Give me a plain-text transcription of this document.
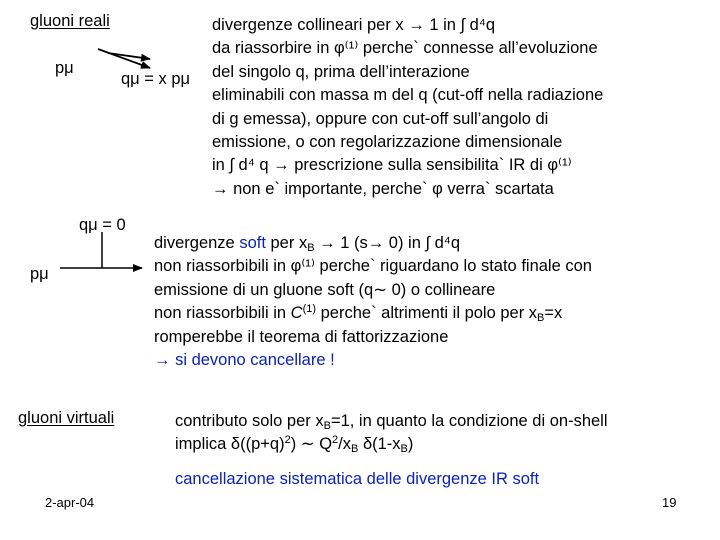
gluoni reali
pμ
qμ = x pμ
divergenze collineari per x → 1 in ∫ d⁴q
da riassorbire in φ⁽¹⁾ perche` connesse all’evoluzione
del singolo q, prima dell’interazione
eliminabili con massa m del q (cut-off nella radiazione
di g emessa), oppure con cut-off sull’angolo di
emissione, o con regolarizzazione dimensionale
in ∫ d⁴ q → prescrizione sulla sensibilita` IR di φ⁽¹⁾
→ non e` importante, perche` φ verra` scartata
qμ = 0
pμ
divergenze soft per $x_B \to 1$ (s→ 0) in ∫ d⁴q
non riassorbibili in φ⁽¹⁾ perche` riguardano lo stato finale con
emissione di un gluone soft (q∼ 0) o collineare
non riassorbibili in $C^{(1)}$ perche` altrimenti il polo per $x_B=x$
romperebbe il teorema di fattorizzazione
→ si devono cancellare !
gluoni virtuali	contributo solo per $x_B=1$, in quanto la condizione di on-shell
implica $\delta((p+q)^2)$ ∼ $Q^2/x_B$ $\delta(1-x_B)$
cancellazione sistematica delle divergenze IR soft
2-apr-04	19
